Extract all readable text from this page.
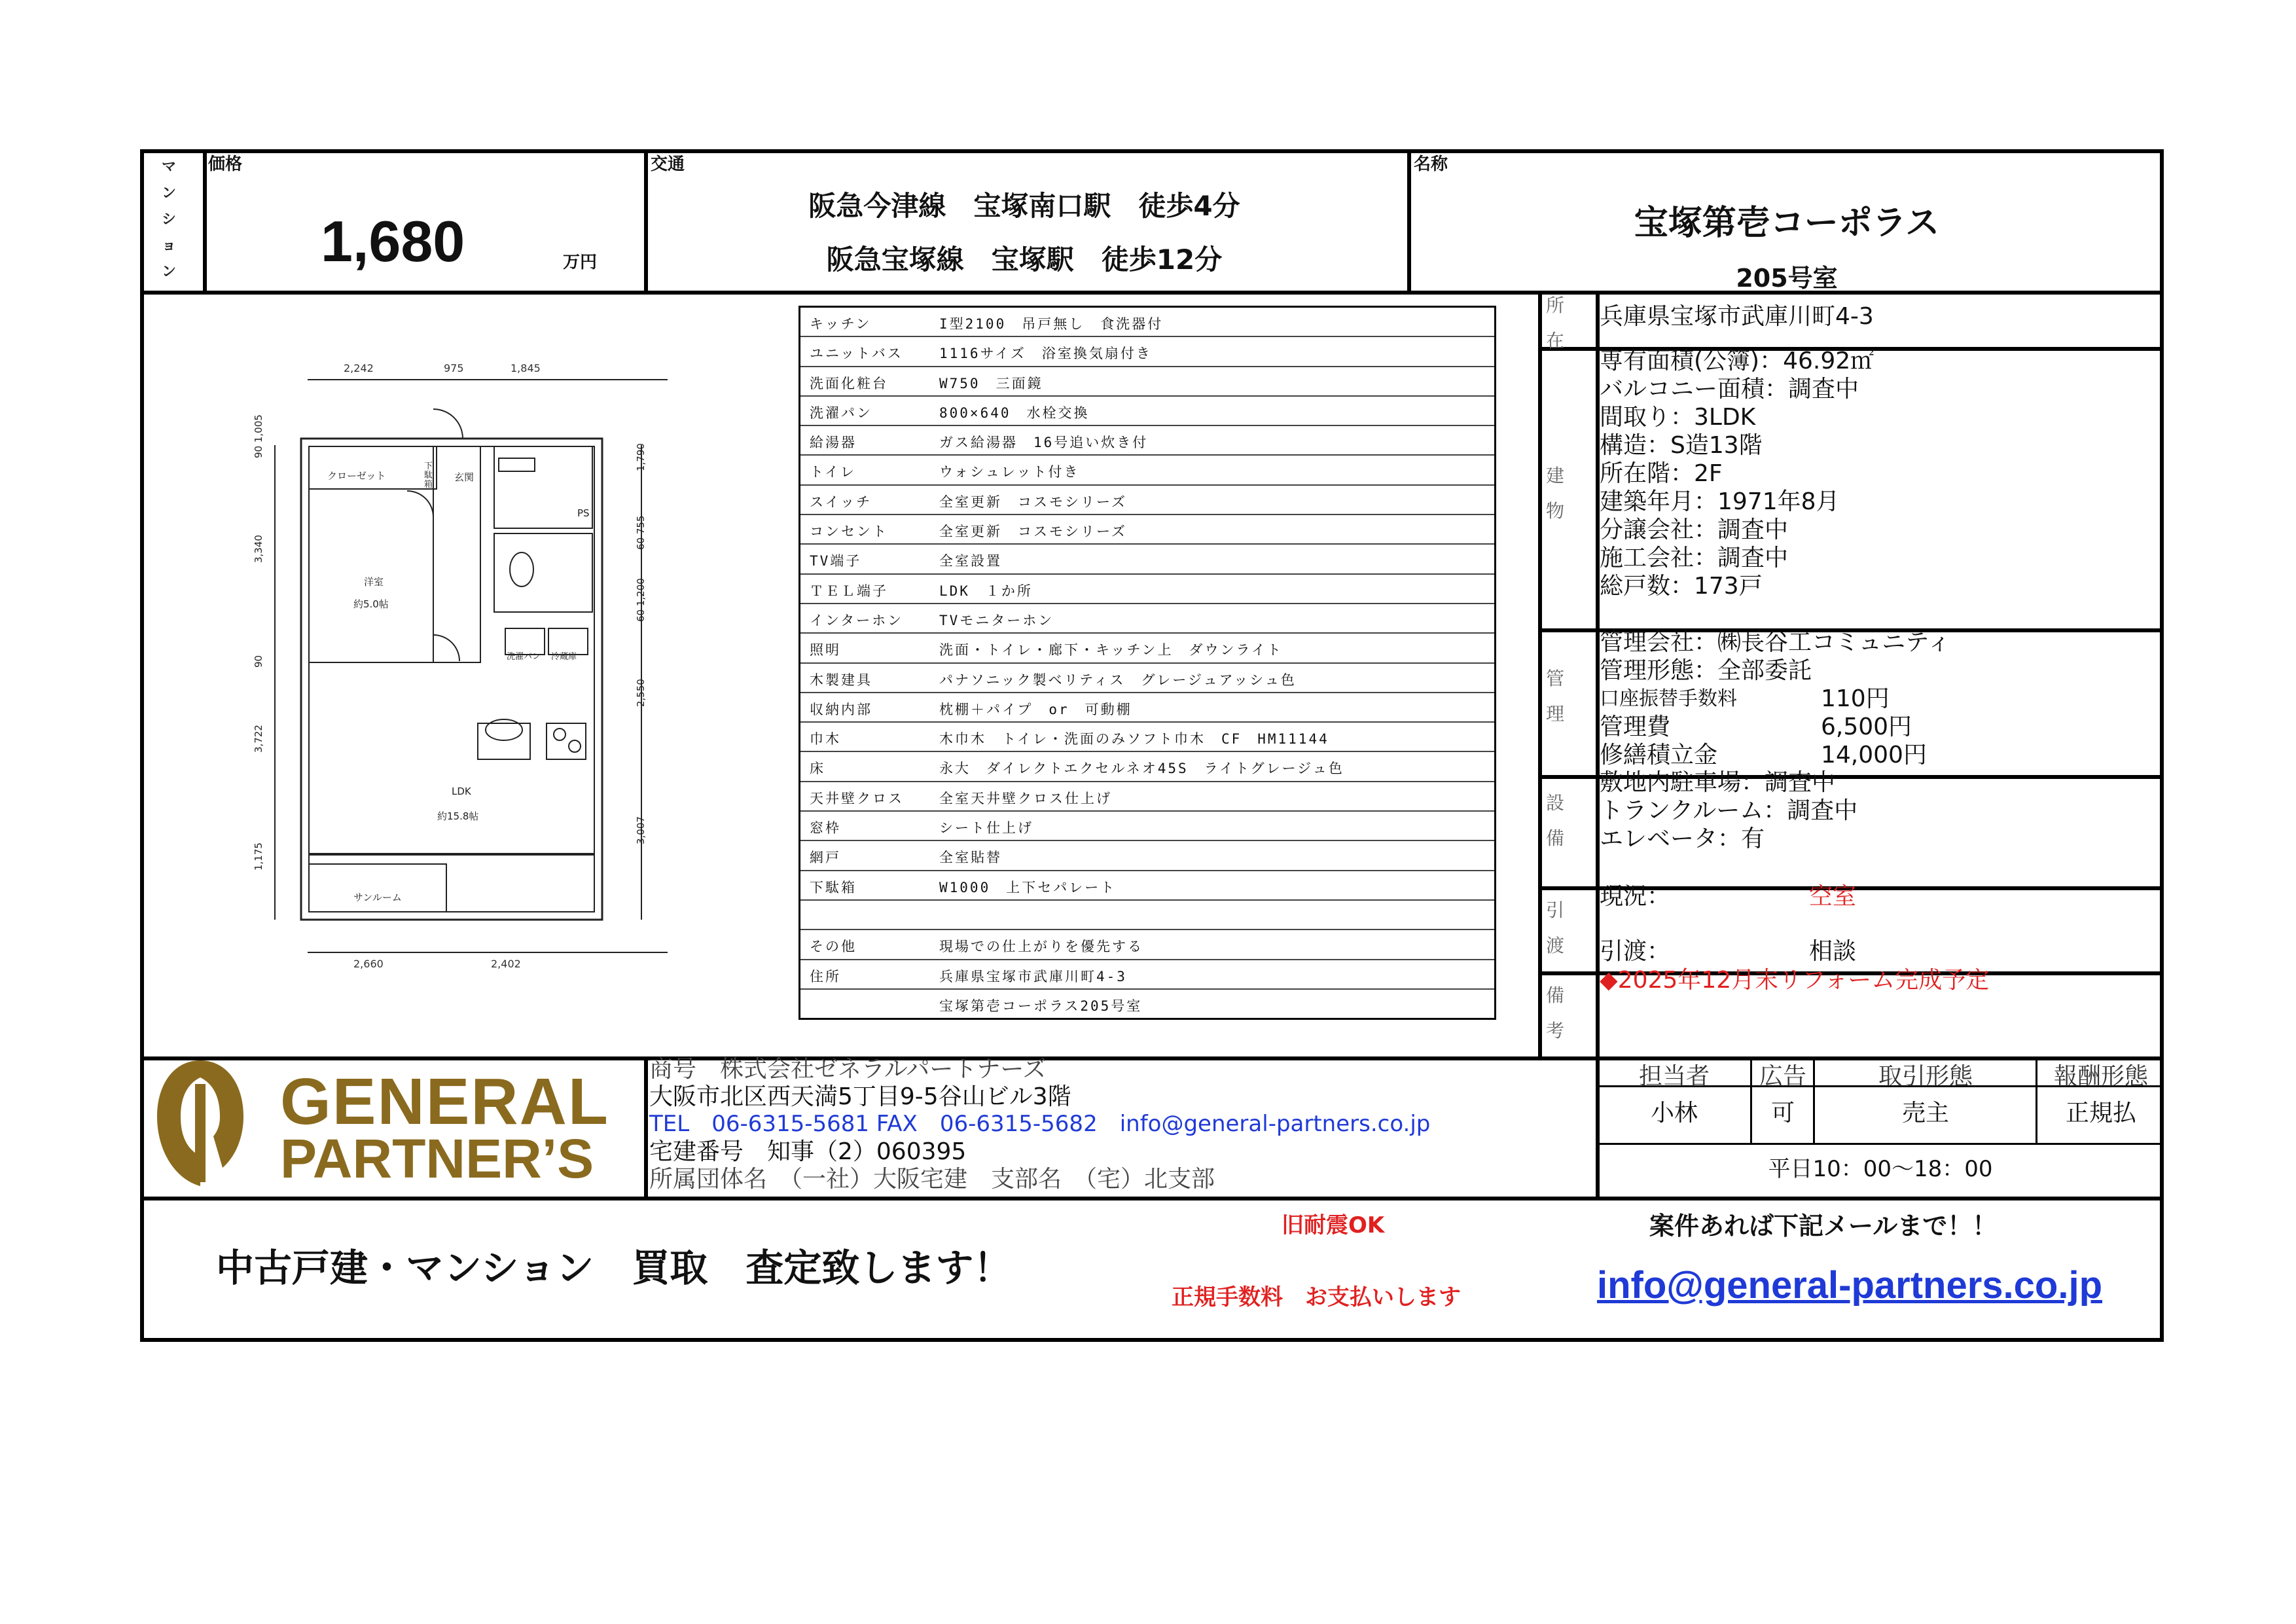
マンション
価格
1,680	万円
交通
阪急今津線　宝塚南口駅　徒歩4分
阪急宝塚線　宝塚駅　徒歩12分
名称
宝塚第壱コーポラス
205号室
2,242	975	1,845
2,660	2,402
クローゼット
下駄箱
玄関
PS
洋室
約5.0帖
洗濯パン 冷蔵庫
LDK
約15.8帖
サンルーム
90 1,005
3,340
90
3,722
1,175
1,790
60 755
60 1,200
2,550
3,007
キッチン	I型2100　吊戸無し　食洗器付
ユニットバス	1116サイズ　浴室換気扇付き
洗面化粧台	W750　三面鏡
洗濯パン	800×640　水栓交換
給湯器	ガス給湯器　16号追い炊き付
トイレ	ウォシュレット付き
スイッチ	全室更新　コスモシリーズ
コンセント	全室更新　コスモシリーズ
TV端子	全室設置
ＴＥＬ端子	LDK　１か所
インターホン	TVモニターホン
照明	洗面・トイレ・廊下・キッチン上　ダウンライト
木製建具	パナソニック製ベリティス　グレージュアッシュ色
収納内部	枕棚＋パイプ　or　可動棚
巾木	木巾木　トイレ・洗面のみソフト巾木　CF　HM11144
床	永大　ダイレクトエクセルネオ45S　ライトグレージュ色
天井壁クロス	全室天井壁クロス仕上げ
窓枠	シート仕上げ
網戸	全室貼替
下駄箱	W1000　上下セパレート
その他	現場での仕上がりを優先する
住所	兵庫県宝塚市武庫川町4-3
宝塚第壱コーポラス205号室
所在
兵庫県宝塚市武庫川町4-3
建物
専有面積(公簿)：46.92㎡
バルコニー面積：調査中
間取り：3LDK
構造：S造13階
所在階：2F
建築年月：1971年8月
分譲会社：調査中
施工会社：調査中
総戸数：173戸
管理
管理会社：㈱長谷工コミュニティ
管理形態：全部委託
口座振替手数料	110円
管理費	6,500円
修繕積立金	14,000円
設備
敷地内駐車場：調査中
トランクルーム：調査中
エレベータ：有
引渡
現況：	空室
引渡：	相談
備考
◆2025年12月末リフォーム完成予定
GENERAL
PARTNER’S
商号　株式会社ゼネラルパートナーズ
大阪市北区西天満5丁目9-5谷山ビル3階
TEL　06-6315-5681 FAX　06-6315-5682　info@general-partners.co.jp
宅建番号　知事（2）060395
所属団体名　（一社）大阪宅建　支部名　（宅）北支部
担当者	広告	取引形態	報酬形態
小林	可	売主	正規払
平日10：00〜18：00
中古戸建・マンション　買取　査定致します！
旧耐震OK
正規手数料　お支払いします
案件あれば下記メールまで！！
info@general-partners.co.jp
